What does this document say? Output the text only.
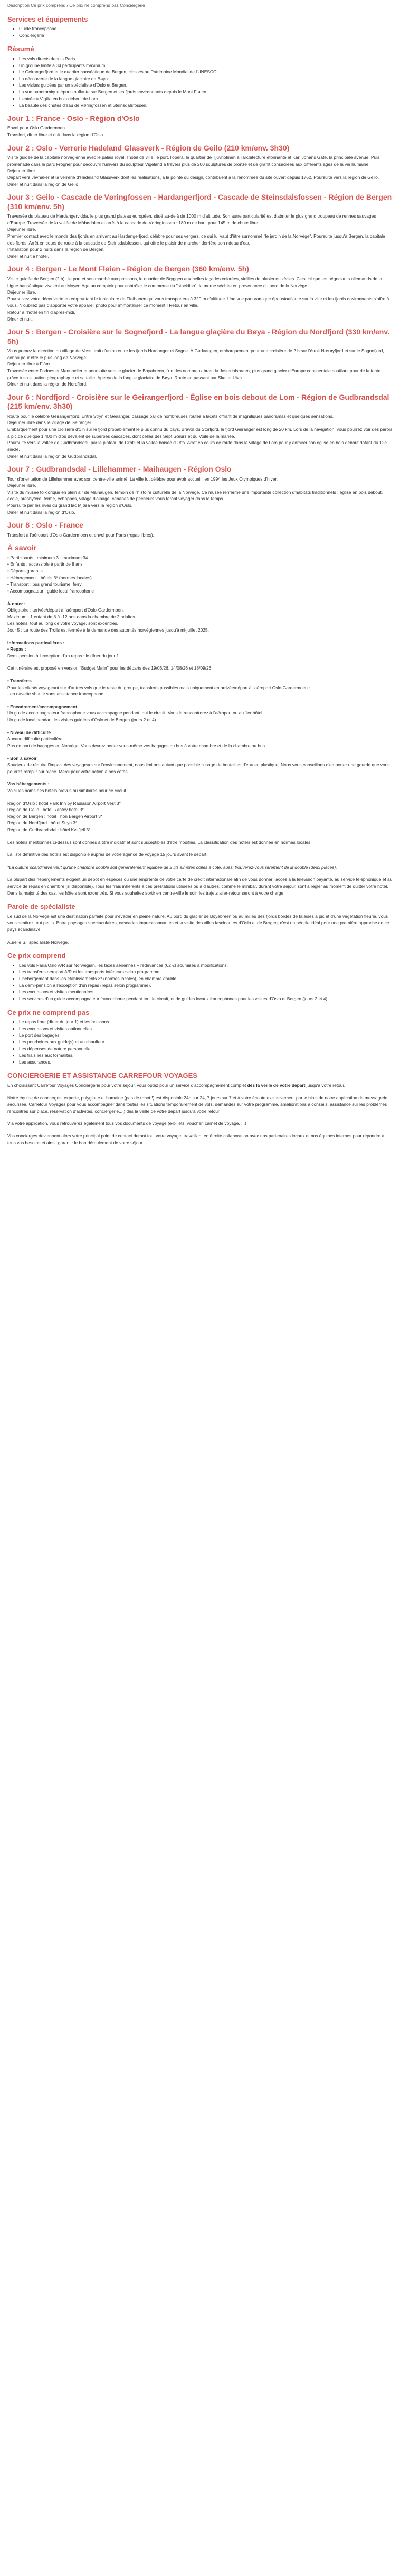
Description Ce prix comprend / Ce prix ne comprend pas Conciergerie
Services et équipements
• Guide francophone
• Conciergerie
Résumé
• Les vols directs depuis Paris.
• Un groupe limité à 34 participants maximum.
• Le Geirangerfjord et le quartier hanséatique de Bergen, classés au Patrimoine Mondial de l'UNESCO.
• La découverte de la langue glaciaire de Bøya.
• Les visites guidées par un spécialiste d'Oslo et Bergen.
• La vue panoramique époustouflante sur Bergen et les fjords environnants depuis le Mont Fløien.
• L'entrée à Vigilia en bois debout de Lom.
• La beauté des chutes d'eau de Vøringfossen et Steinsdalsfossen.
Jour 1 : France - Oslo - Région d'Oslo

Envol pour Oslo Gardermoen.

Transfert, dîner libre et nuit dans la région d'Oslo.

Jour 2 : Oslo - Verrerie Hadeland Glassverk - Région de Geilo (210 km/env. 3h30)

Visite guidée de la capitale norvégienne avec le palais royal, l'hôtel de ville, le port, l'opéra, le quartier de Tjuvholmen à l'architecture étonnante et Karl Johans Gate, la principale avenue. Puis, promenade dans le parc Frogner pour découvrir l'univers du sculpteur Vigeland à travers plus de 200 sculptures de bronze et de granit consacrées aux différents âges de la vie humaine.

Déjeuner libre.

Départ vers Jevnaker et la verrerie d'Hadeland Glassverk dont les réalisations, à la pointe du design, contribuent à la renommée du site ouvert depuis 1762. Poursuite vers la région de Geilo.

Dîner et nuit dans la région de Geilo.

Jour 3 : Geilo - Cascade de Vøringfossen - Hardangerfjord - Cascade de Steinsdalsfossen - Région de Bergen (310 km/env. 5h)

Traversée du plateau de Hardangervidda, le plus grand plateau européen, situé au-delà de 1000 m d'altitude. Son autre particularité est d'abriter le plus grand troupeau de rennes sauvages d'Europe. Traversée de la vallée de Måbødalen et arrêt à la cascade de Vøringfossen : 180 m de haut pour 145 m de chute libre !

Déjeuner libre.

Premier contact avec le monde des fjords en arrivant au Hardangerfjord, célèbre pour ses vergers, ce qui lui vaut d'être surnommé "le jardin de la Norvège". Poursuite jusqu'à Bergen, la capitale des fjords. Arrêt en cours de route à la cascade de Steinsdalsfossen, qui offre le plaisir de marcher derrière son rideau d'eau.

Installation pour 2 nuits dans la région de Bergen.

Dîner et nuit à l'hôtel.

Jour 4 : Bergen - Le Mont Fløien - Région de Bergen (360 km/env. 5h)

Visite guidée de Bergen (2 h) : le port et son marché aux poissons, le quartier de Bryggen aux belles façades colorées, vieilles de plusieurs siècles. C'est ici que les négociants allemands de la Ligue hanséatique vivaient au Moyen Âge un comptoir pour contrôler le commerce du "stockfish", la morue séchée en provenance du nord de la Norvège.

Déjeuner libre.

Poursuivez votre découverte en empruntant le funiculaire de Fløibanen qui vous transportera à 320 m d'altitude. Une vue panoramique époustouflante sur la ville et les fjords environnants s'offre à vous. N'oubliez pas d'apporter votre appareil photo pour immortaliser ce moment ! Retour en ville.

Retour à l'hôtel en fin d'après-midi.

Dîner et nuit.

Jour 5 : Bergen - Croisière sur le Sognefjord - La langue glaçière du Bøya - Région du Nordfjord (330 km/env. 5h)

Vous prenez la direction du village de Voss, trait d'union entre les fjords Hardanger et Sogne. À Gudvangen, embarquement pour une croisière de 2 h sur l'étroit Nærøyfjord et sur le Sognefjord, connu pour être le plus long de Norvège.

Déjeuner libre à Flåm.

Traversée entre Fodnes et Mannheller et poursuite vers le glacier de Boyabreen, l'un des nombreux bras du Jostedalsbreen, plus grand glacier d'Europe continentale soufflant pour de la fonte grâce à sa situation géographique et sa taille. Aperçu de la langue glaciaire de Bøya. Route en passant par Skei et Utvik.

Dîner et nuit dans la région de Nordfjord.

Jour 6 : Nordfjord - Croisière sur le Geirangerfjord - Église en bois debout de Lom - Région de Gudbrandsdal (215 km/env. 3h30)

Route pour le célèbre Geirangerfjord. Entre Stryn et Geiranger, passage par de nombreuses routes à lacets offrant de magnifiques panoramas et quelques sensations.

Déjeuner libre dans le village de Geiranger

Embarquement pour une croisière d'1 h sur le fjord probablement le plus connu du pays. Bravo! du Storfjord, le fjord Geiranger est long de 20 km. Lors de la navigation, vous pourrez voir des parois à pic de quelque 1.400 m d'où dévalent de superbes cascades, dont celles des Sept Sœurs et du Voile de la mariée.

Poursuite vers la vallée de Gudbrandsdal, par le plateau de Grotli et la vallée boisée d'Otta. Arrêt en cours de route dans le village de Lom pour y admirer son église en bois debout datant du 12e siècle.

Dîner et nuit dans la région de Gudbrandsdal.

Jour 7 : Gudbrandsdal - Lillehammer - Maihaugen - Région Oslo

Tour d'orientation de Lillehammer avec son centre-ville animé. La ville fut célèbre pour avoir accueilli en 1994 les Jeux Olympiques d'hiver.

Déjeuner libre.

Visite du musée folklorique en plein air de Maihaugen, témoin de l'histoire culturelle de la Norvège. Ce musée renferme une importante collection d'habitats traditionnels : église en bois debout, école, presbytère, ferme, échoppes, village d'alpage, cabanes de pêcheurs vous feront voyager dans le temps.

Poursuite par les rives du grand lac Mjøsa vers la région d'Oslo.

Dîner et nuit dans la région d'Oslo.

Jour 8 : Oslo - France

Transfert à l'aéroport d'Oslo Gardermoen et envol pour Paris (repas libres).

À savoir

• Participants : minimum 3 - maximum 34

• Enfants : accessible à partir de 8 ans

• Départs garantis

• Hébergement : hôtels 3* (normes locales)

• Transport : bus grand tourisme, ferry

• Accompagnateur : guide local francophone

À noter :

Obligatoire : arrivée/départ à l'aéroport d'Oslo-Gardermoen.

Maximum : 1 enfant de 8 à -12 ans dans la chambre de 2 adultes.

Les hôtels, tout au long de votre voyage, sont excentrés.

Jour 5 : La route des Trolls est fermée à la demande des autorités norvégiennes jusqu'à mi-juillet 2025.

Informations particulières :

• Repas :

Demi-pension à l'exception d'un repas : le dîner du jour 1.

Cet itinéraire est proposé en version "Budget Malin" pour les départs des 19/06/26, 14/08/26 et 18/09/26.

• Transferts

Pour les clients voyageant sur d'autres vols que le reste du groupe, transferts possibles mais uniquement en arrivée/départ à l'aéroport Oslo-Gardermoen :

- en navette shuttle sans assistance francophone.

• Encadrement/accompagnement

Un guide accompagnateur francophone vous accompagne pendant tout le circuit. Vous le rencontrerez à l'aéroport ou au 1er hôtel.

Un guide local pendant les visites guidées d'Oslo et de Bergen (jours 2 et 4)

• Niveau de difficulté

Aucune difficulté particulière.

Pas de port de bagages en Norvège. Vous devrez porter vous-même vos bagages du bus à votre chambre et de la chambre au bus.

• Bon à savoir

Soucieux de réduire l'impact des voyageurs sur l'environnement, nous limitons autant que possible l'usage de bouteilles d'eau en plastique. Nous vous conseillons d'emporter une gourde que vous pourrez remplir sur place. Merci pour votre action à nos côtés.

Vos hébergements :

Voici les noms des hôtels prévus ou similaires pour ce circuit :

Région d'Oslo : hôtel Park Inn by Radisson Airport Vest 3*

Région de Geilo : hôtel Rantey hotel 3*

Région de Bergen : hôtel Thon Bergen Airport 3*

Région du Nordfjord : hôtel Stryn 3*

Région de Gudbrandsdal : hôtel Kvitfjell 3*

Les hôtels mentionnés ci-dessus sont donnés à titre indicatif et sont susceptibles d'être modifiés. La classification des hôtels est donnée en normes locales.

La liste définitive des hôtels est disponible auprès de votre agence de voyage 15 jours avant le départ.

*La culture scandinave veut qu'une chambre double soit généralement équipée de 2 lits simples collés à côté, aussi trouverez-vous rarement de lit double (deux places).

La plupart des hébergements exigent un dépôt en espèces ou une empreinte de votre carte de crédit internationale afin de vous donner l'accès à la télévision payante, au service téléphonique et au service de repas en chambre (si disponible). Tous les frais inhérents à ces prestations utilisées ou à d'autres, comme le minibar, durant votre séjour, sont à régler au moment de quitter votre hôtel.

Dans la majorité des cas, les hôtels sont excentrés. Si vous souhaitez sortir en centre-ville le soir, les trajets aller-retour seront à votre charge.

Parole de spécialiste

Le sud de la Norvège est une destination parfaite pour s'évader en pleine nature. Au bord du glacier de Boyabreen ou au milieu des fjords bordés de falaises à pic et d'une végétation fleurie, vous vous sentirez tout petits. Entre paysages spectaculaires, cascades impressionnantes et la visite des villes fascinantes d'Oslo et de Bergen, c'est un périple idéal pour une première approche de ce pays scandinave.

Aurélie S., spécialiste Norvège.

Ce prix comprend
• Les vols Paris/Oslo A/R sur Norwegian, les taxes aériennes + redevances (62 €) soumises à modifications.
• Les transferts aéroport A/R et les transports intérieurs selon programme.
• L'hébergement dans les établissements 3* (normes locales), en chambre double.
• La demi-pension à l'exception d'un repas (repas selon programme).
• Les excursions et visites mentionnées.
• Les services d'un guide accompagnateur francophone pendant tout le circuit, et de guides locaux francophones pour les visites d'Oslo et Bergen (jours 2 et 4).
Ce prix ne comprend pas
• Le repas libre (dîner du jour 1) et les boissons.
• Les excursions et visites optionnelles.
• Le port des bagages.
• Les pourboires aux guide(s) et au chauffeur.
• Les dépenses de nature personnelle.
• Les frais liés aux formalités.
• Les assurances.
CONCIERGERIE ET ASSISTANCE CARREFOUR VOYAGES

En choisissant Carrefour Voyages Conciergerie pour votre séjour, vous optez pour un service d'accompagnement complet dès la veille de votre départ jusqu'à votre retour.

Notre équipe de concierges, experte, polyglotte et humaine (pas de robot !) est disponible 24h sur 24, 7 jours sur 7 et à votre écoute exclusivement par le biais de notre application de messagerie sécurisée. Carrefour Voyages pour vous accompagner dans toutes les situations temporairement de vols, demandes sur votre programme, améliorations à conseils, assistance sur les problèmes rencontrés sur place, réservation d'activités, conciergerie... ) dès la veille de votre départ jusqu'à votre retour.

Via votre application, vous retrouverez également tous vos documents de voyage (e-billets, voucher, carnet de voyage, ...)

Vos concierges deviennent alors votre principal point de contact durant tout votre voyage, travaillant en étroite collaboration avec nos partenaires locaux et nos équipes internes pour répondre à tous vos besoins et ainsi, garantir le bon déroulement de votre séjour.
